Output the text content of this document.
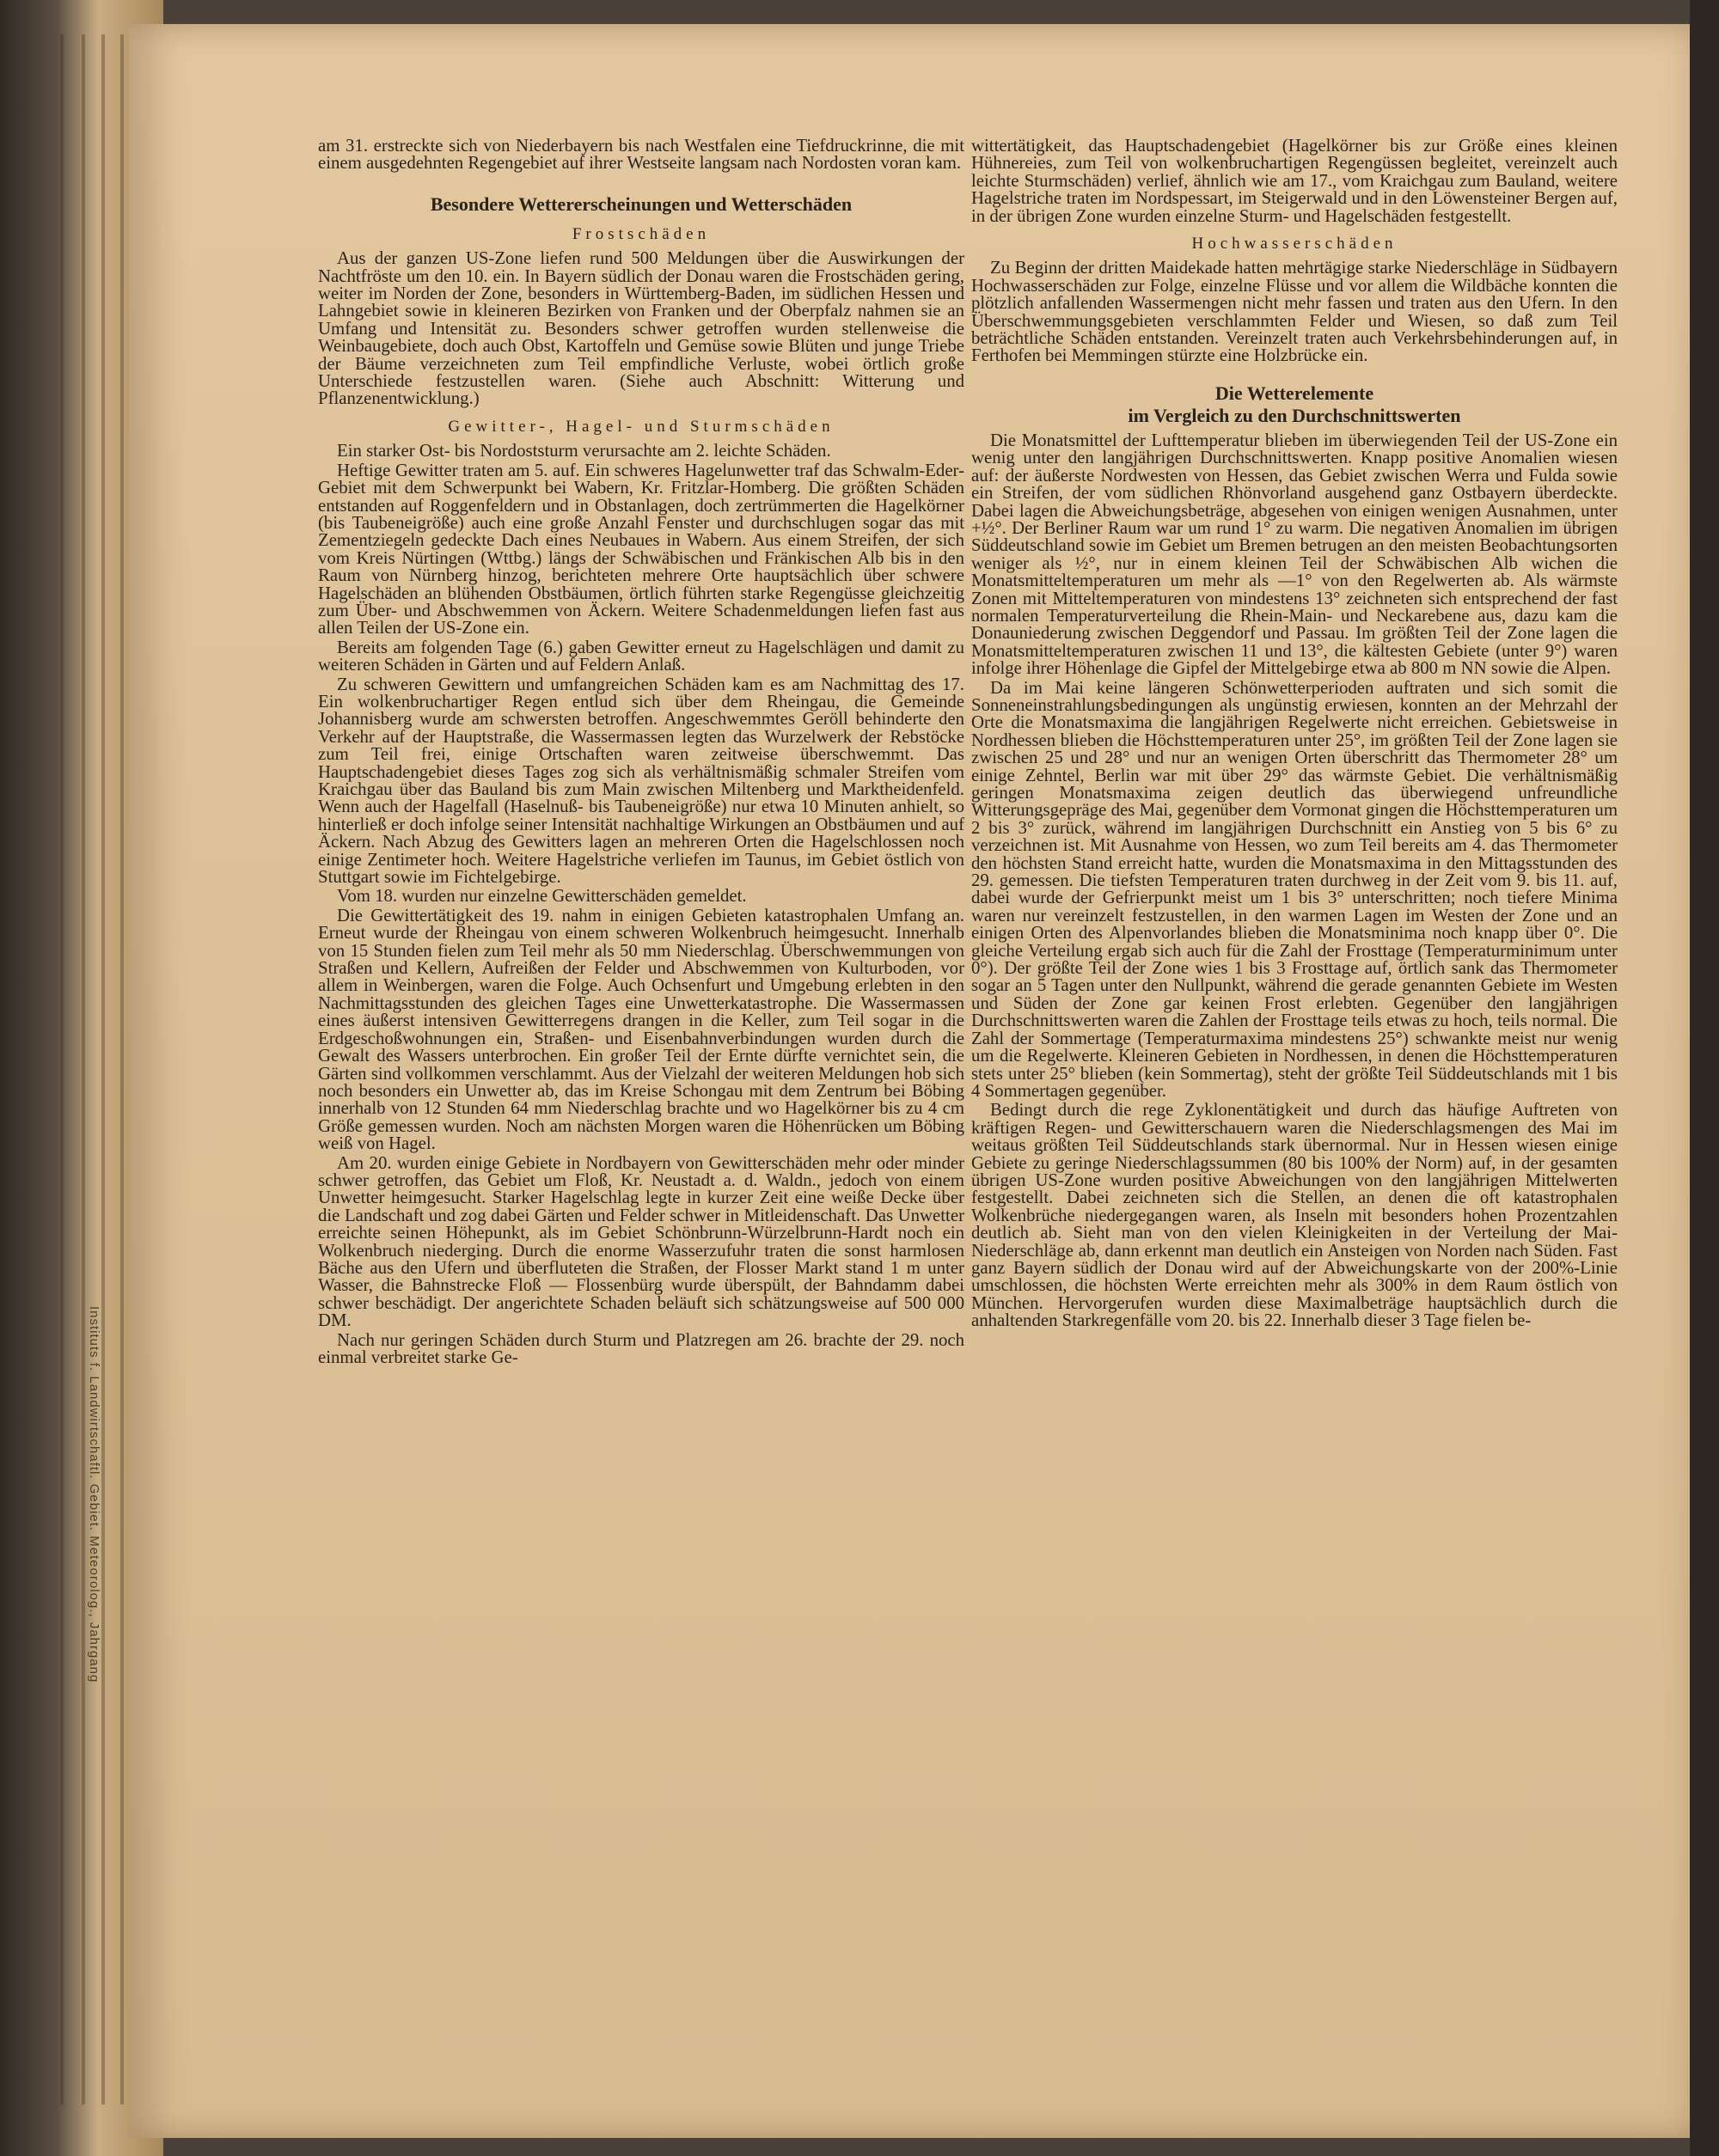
Instituts f. Landwirtschaftl. Gebiet. Meteorolog., Jahrgang

am 31. erstreckte sich von Niederbayern bis nach Westfalen eine Tiefdruckrinne, die mit einem ausgedehnten Regengebiet auf ihrer Westseite langsam nach Nordosten voran kam.

Besondere Wettererscheinungen und Wetterschäden
Frostschäden

Aus der ganzen US-Zone liefen rund 500 Meldungen über die Auswirkungen der Nachtfröste um den 10. ein. In Bayern südlich der Donau waren die Frostschäden gering, weiter im Norden der Zone, besonders in Württemberg-Baden, im südlichen Hessen und Lahngebiet sowie in kleineren Bezirken von Franken und der Oberpfalz nahmen sie an Umfang und Intensität zu. Besonders schwer getroffen wurden stellenweise die Weinbaugebiete, doch auch Obst, Kartoffeln und Gemüse sowie Blüten und junge Triebe der Bäume verzeichneten zum Teil empfindliche Verluste, wobei örtlich große Unterschiede festzustellen waren. (Siehe auch Abschnitt: Witterung und Pflanzenentwicklung.)

Gewitter-, Hagel- und Sturmschäden

Ein starker Ost- bis Nordoststurm verursachte am 2. leichte Schäden.

Heftige Gewitter traten am 5. auf. Ein schweres Hagelunwetter traf das Schwalm-Eder-Gebiet mit dem Schwerpunkt bei Wabern, Kr. Fritzlar-Homberg. Die größten Schäden entstanden auf Roggenfeldern und in Obstanlagen, doch zertrümmerten die Hagelkörner (bis Taubeneigröße) auch eine große Anzahl Fenster und durchschlugen sogar das mit Zementziegeln gedeckte Dach eines Neubaues in Wabern. Aus einem Streifen, der sich vom Kreis Nürtingen (Wttbg.) längs der Schwäbischen und Fränkischen Alb bis in den Raum von Nürnberg hinzog, berichteten mehrere Orte hauptsächlich über schwere Hagelschäden an blühenden Obstbäumen, örtlich führten starke Regengüsse gleichzeitig zum Über- und Abschwemmen von Äckern. Weitere Schadenmeldungen liefen fast aus allen Teilen der US-Zone ein.

Bereits am folgenden Tage (6.) gaben Gewitter erneut zu Hagelschlägen und damit zu weiteren Schäden in Gärten und auf Feldern Anlaß.

Zu schweren Gewittern und umfangreichen Schäden kam es am Nachmittag des 17. Ein wolkenbruchartiger Regen entlud sich über dem Rheingau, die Gemeinde Johannisberg wurde am schwersten betroffen. Angeschwemmtes Geröll behinderte den Verkehr auf der Hauptstraße, die Wassermassen legten das Wurzelwerk der Rebstöcke zum Teil frei, einige Ortschaften waren zeitweise überschwemmt. Das Hauptschadengebiet dieses Tages zog sich als verhältnismäßig schmaler Streifen vom Kraichgau über das Bauland bis zum Main zwischen Miltenberg und Marktheidenfeld. Wenn auch der Hagelfall (Haselnuß- bis Taubeneigröße) nur etwa 10 Minuten anhielt, so hinterließ er doch infolge seiner Intensität nachhaltige Wirkungen an Obstbäumen und auf Äckern. Nach Abzug des Gewitters lagen an mehreren Orten die Hagelschlossen noch einige Zentimeter hoch. Weitere Hagelstriche verliefen im Taunus, im Gebiet östlich von Stuttgart sowie im Fichtelgebirge.

Vom 18. wurden nur einzelne Gewitterschäden gemeldet.

Die Gewittertätigkeit des 19. nahm in einigen Gebieten katastrophalen Umfang an. Erneut wurde der Rheingau von einem schweren Wolkenbruch heimgesucht. Innerhalb von 15 Stunden fielen zum Teil mehr als 50 mm Niederschlag. Überschwemmungen von Straßen und Kellern, Aufreißen der Felder und Abschwemmen von Kulturboden, vor allem in Weinbergen, waren die Folge. Auch Ochsenfurt und Umgebung erlebten in den Nachmittagsstunden des gleichen Tages eine Unwetterkatastrophe. Die Wassermassen eines äußerst intensiven Gewitterregens drangen in die Keller, zum Teil sogar in die Erdgeschoßwohnungen ein, Straßen- und Eisenbahnverbindungen wurden durch die Gewalt des Wassers unterbrochen. Ein großer Teil der Ernte dürfte vernichtet sein, die Gärten sind vollkommen verschlammt. Aus der Vielzahl der weiteren Meldungen hob sich noch besonders ein Unwetter ab, das im Kreise Schongau mit dem Zentrum bei Böbing innerhalb von 12 Stunden 64 mm Niederschlag brachte und wo Hagelkörner bis zu 4 cm Größe gemessen wurden. Noch am nächsten Morgen waren die Höhenrücken um Böbing weiß von Hagel.

Am 20. wurden einige Gebiete in Nordbayern von Gewitterschäden mehr oder minder schwer getroffen, das Gebiet um Floß, Kr. Neustadt a. d. Waldn., jedoch von einem Unwetter heimgesucht. Starker Hagelschlag legte in kurzer Zeit eine weiße Decke über die Landschaft und zog dabei Gärten und Felder schwer in Mitleidenschaft. Das Unwetter erreichte seinen Höhepunkt, als im Gebiet Schönbrunn-Würzelbrunn-Hardt noch ein Wolkenbruch niederging. Durch die enorme Wasserzufuhr traten die sonst harmlosen Bäche aus den Ufern und überfluteten die Straßen, der Flosser Markt stand 1 m unter Wasser, die Bahnstrecke Floß — Flossenbürg wurde überspült, der Bahndamm dabei schwer beschädigt. Der angerichtete Schaden beläuft sich schätzungsweise auf 500 000 DM.

Nach nur geringen Schäden durch Sturm und Platzregen am 26. brachte der 29. noch einmal verbreitet starke Ge-

wittertätigkeit, das Hauptschadengebiet (Hagelkörner bis zur Größe eines kleinen Hühnereies, zum Teil von wolkenbruchartigen Regengüssen begleitet, vereinzelt auch leichte Sturmschäden) verlief, ähnlich wie am 17., vom Kraichgau zum Bauland, weitere Hagelstriche traten im Nordspessart, im Steigerwald und in den Löwensteiner Bergen auf, in der übrigen Zone wurden einzelne Sturm- und Hagelschäden festgestellt.

Hochwasserschäden

Zu Beginn der dritten Maidekade hatten mehrtägige starke Niederschläge in Südbayern Hochwasserschäden zur Folge, einzelne Flüsse und vor allem die Wildbäche konnten die plötzlich anfallenden Wassermengen nicht mehr fassen und traten aus den Ufern. In den Überschwemmungsgebieten verschlammten Felder und Wiesen, so daß zum Teil beträchtliche Schäden entstanden. Vereinzelt traten auch Verkehrsbehinderungen auf, in Ferthofen bei Memmingen stürzte eine Holzbrücke ein.

Die Wetterelemente
im Vergleich zu den Durchschnittswerten

Die Monatsmittel der Lufttemperatur blieben im überwiegenden Teil der US-Zone ein wenig unter den langjährigen Durchschnittswerten. Knapp positive Anomalien wiesen auf: der äußerste Nordwesten von Hessen, das Gebiet zwischen Werra und Fulda sowie ein Streifen, der vom südlichen Rhönvorland ausgehend ganz Ostbayern überdeckte. Dabei lagen die Abweichungsbeträge, abgesehen von einigen wenigen Ausnahmen, unter +½°. Der Berliner Raum war um rund 1° zu warm. Die negativen Anomalien im übrigen Süddeutschland sowie im Gebiet um Bremen betrugen an den meisten Beobachtungsorten weniger als ½°, nur in einem kleinen Teil der Schwäbischen Alb wichen die Monatsmitteltemperaturen um mehr als —1° von den Regelwerten ab. Als wärmste Zonen mit Mitteltemperaturen von mindestens 13° zeichneten sich entsprechend der fast normalen Temperaturverteilung die Rhein-Main- und Neckarebene aus, dazu kam die Donauniederung zwischen Deggendorf und Passau. Im größten Teil der Zone lagen die Monatsmitteltemperaturen zwischen 11 und 13°, die kältesten Gebiete (unter 9°) waren infolge ihrer Höhenlage die Gipfel der Mittelgebirge etwa ab 800 m NN sowie die Alpen.

Da im Mai keine längeren Schönwetterperioden auftraten und sich somit die Sonneneinstrahlungsbedingungen als ungünstig erwiesen, konnten an der Mehrzahl der Orte die Monatsmaxima die langjährigen Regelwerte nicht erreichen. Gebietsweise in Nordhessen blieben die Höchsttemperaturen unter 25°, im größten Teil der Zone lagen sie zwischen 25 und 28° und nur an wenigen Orten überschritt das Thermometer 28° um einige Zehntel, Berlin war mit über 29° das wärmste Gebiet. Die verhältnismäßig geringen Monatsmaxima zeigen deutlich das überwiegend unfreundliche Witterungsgepräge des Mai, gegenüber dem Vormonat gingen die Höchsttemperaturen um 2 bis 3° zurück, während im langjährigen Durchschnitt ein Anstieg von 5 bis 6° zu verzeichnen ist. Mit Ausnahme von Hessen, wo zum Teil bereits am 4. das Thermometer den höchsten Stand erreicht hatte, wurden die Monatsmaxima in den Mittagsstunden des 29. gemessen. Die tiefsten Temperaturen traten durchweg in der Zeit vom 9. bis 11. auf, dabei wurde der Gefrierpunkt meist um 1 bis 3° unterschritten; noch tiefere Minima waren nur vereinzelt festzustellen, in den warmen Lagen im Westen der Zone und an einigen Orten des Alpenvorlandes blieben die Monatsminima noch knapp über 0°. Die gleiche Verteilung ergab sich auch für die Zahl der Frosttage (Temperaturminimum unter 0°). Der größte Teil der Zone wies 1 bis 3 Frosttage auf, örtlich sank das Thermometer sogar an 5 Tagen unter den Nullpunkt, während die gerade genannten Gebiete im Westen und Süden der Zone gar keinen Frost erlebten. Gegenüber den langjährigen Durchschnittswerten waren die Zahlen der Frosttage teils etwas zu hoch, teils normal. Die Zahl der Sommertage (Temperaturmaxima mindestens 25°) schwankte meist nur wenig um die Regelwerte. Kleineren Gebieten in Nordhessen, in denen die Höchsttemperaturen stets unter 25° blieben (kein Sommertag), steht der größte Teil Süddeutschlands mit 1 bis 4 Sommertagen gegenüber.

Bedingt durch die rege Zyklonentätigkeit und durch das häufige Auftreten von kräftigen Regen- und Gewitterschauern waren die Niederschlagsmengen des Mai im weitaus größten Teil Süddeutschlands stark übernormal. Nur in Hessen wiesen einige Gebiete zu geringe Niederschlagssummen (80 bis 100% der Norm) auf, in der gesamten übrigen US-Zone wurden positive Abweichungen von den langjährigen Mittelwerten festgestellt. Dabei zeichneten sich die Stellen, an denen die oft katastrophalen Wolkenbrüche niedergegangen waren, als Inseln mit besonders hohen Prozentzahlen deutlich ab. Sieht man von den vielen Kleinigkeiten in der Verteilung der Mai-Niederschläge ab, dann erkennt man deutlich ein Ansteigen von Norden nach Süden. Fast ganz Bayern südlich der Donau wird auf der Abweichungskarte von der 200%-Linie umschlossen, die höchsten Werte erreichten mehr als 300% in dem Raum östlich von München. Hervorgerufen wurden diese Maximalbeträge hauptsächlich durch die anhaltenden Starkregenfälle vom 20. bis 22. Innerhalb dieser 3 Tage fielen be-
